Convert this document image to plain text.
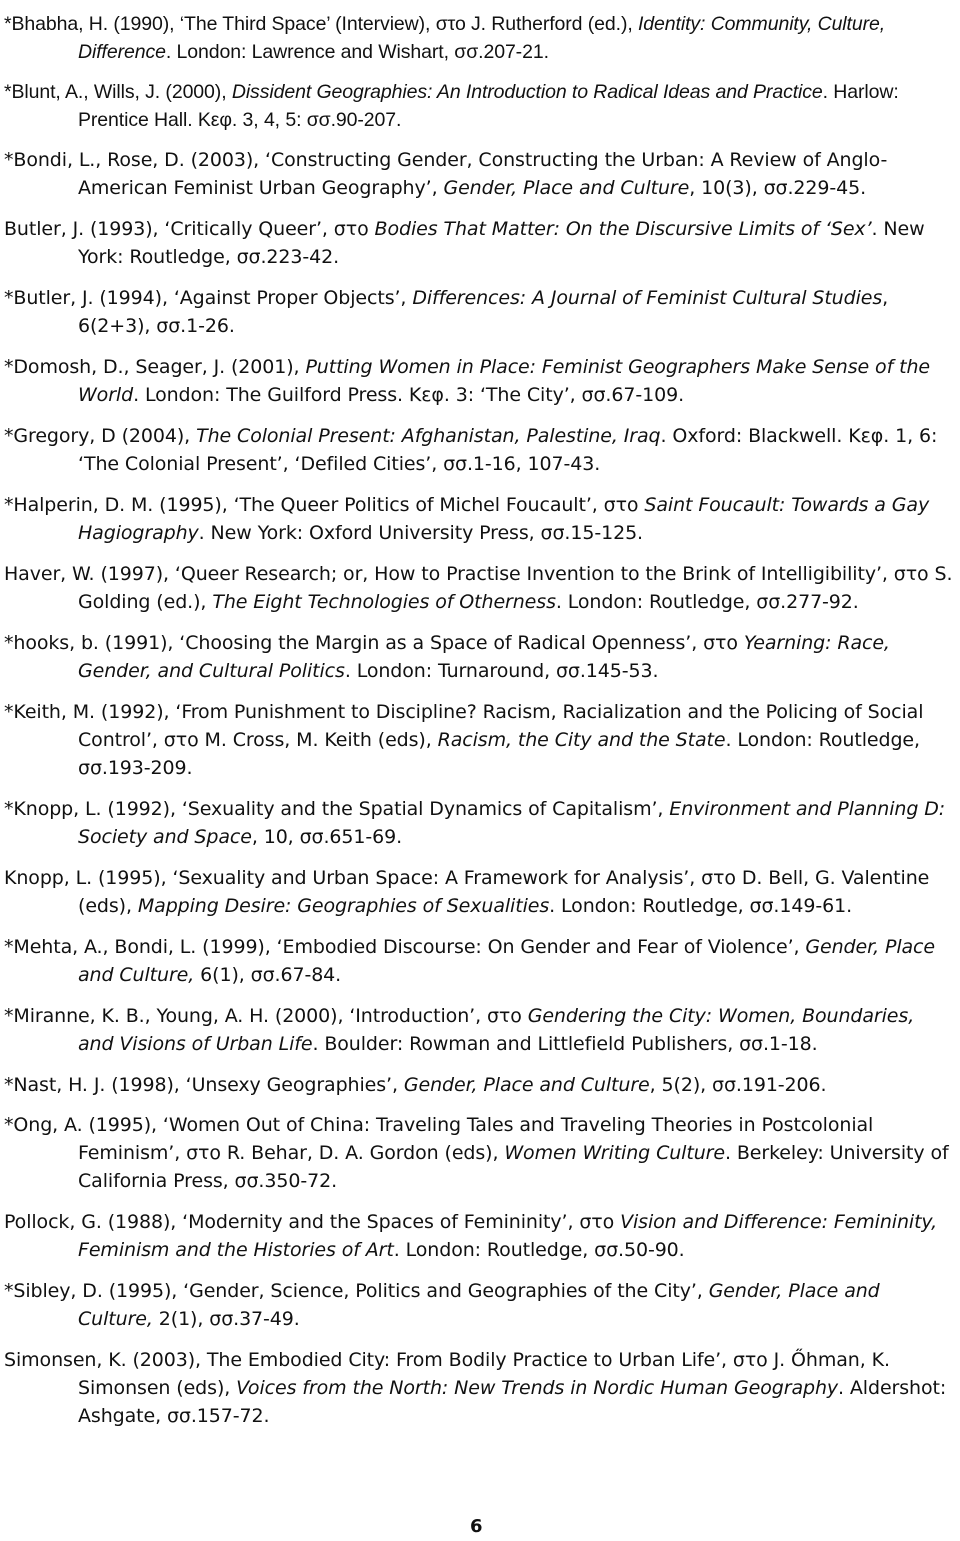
*Bhabha, H. (1990), ‘The Third Space’ (Interview), στο J. Rutherford (ed.), Identity: Community, Culture, Difference. London: Lawrence and Wishart, σσ.207-21.

*Blunt, A., Wills, J. (2000), Dissident Geographies: An Introduction to Radical Ideas and Practice. Harlow: Prentice Hall. Κεφ. 3, 4, 5: σσ.90-207.

*Bondi, L., Rose, D. (2003), ‘Constructing Gender, Constructing the Urban: A Review of Anglo-American Feminist Urban Geography’, Gender, Place and Culture, 10(3), σσ.229-45.

Butler, J. (1993), ‘Critically Queer’, στο Bodies That Matter: On the Discursive Limits of ‘Sex’. New York: Routledge, σσ.223-42.

*Butler, J. (1994), ‘Against Proper Objects’, Differences: A Journal of Feminist Cultural Studies, 6(2+3), σσ.1-26.

*Domosh, D., Seager, J. (2001), Putting Women in Place: Feminist Geographers Make Sense of the World. London: The Guilford Press. Κεφ. 3: ‘The City’, σσ.67-109.

*Gregory, D (2004), The Colonial Present: Afghanistan, Palestine, Iraq. Oxford: Blackwell. Κεφ. 1, 6: ‘The Colonial Present’, ‘Defiled Cities’, σσ.1-16, 107-43.

*Halperin, D. M. (1995), ‘The Queer Politics of Michel Foucault’, στο Saint Foucault: Towards a Gay Hagiography. New York: Oxford University Press, σσ.15-125.

Haver, W. (1997), ‘Queer Research; or, How to Practise Invention to the Brink of Intelligibility’, στο S. Golding (ed.), The Eight Technologies of Otherness. London: Routledge, σσ.277-92.

*hooks, b. (1991), ‘Choosing the Margin as a Space of Radical Openness’, στο Yearning: Race, Gender, and Cultural Politics. London: Turnaround, σσ.145-53.

*Keith, M. (1992), ‘From Punishment to Discipline? Racism, Racialization and the Policing of Social Control’, στο M. Cross, M. Keith (eds), Racism, the City and the State. London: Routledge, σσ.193-209.

*Knopp, L. (1992), ‘Sexuality and the Spatial Dynamics of Capitalism’, Environment and Planning D: Society and Space, 10, σσ.651-69.

Knopp, L. (1995), ‘Sexuality and Urban Space: A Framework for Analysis’, στο D. Bell, G. Valentine (eds), Mapping Desire: Geographies of Sexualities. London: Routledge, σσ.149-61.

*Mehta, A., Bondi, L. (1999), ‘Embodied Discourse: On Gender and Fear of Violence’, Gender, Place and Culture, 6(1), σσ.67-84.

*Miranne, K. B., Young, A. H. (2000), ‘Introduction’, στο Gendering the City: Women, Boundaries, and Visions of Urban Life. Boulder: Rowman and Littlefield Publishers, σσ.1-18.

*Nast, H. J. (1998), ‘Unsexy Geographies’, Gender, Place and Culture, 5(2), σσ.191-206.

*Ong, A. (1995), ‘Women Out of China: Traveling Tales and Traveling Theories in Postcolonial Feminism’, στο R. Behar, D. A. Gordon (eds), Women Writing Culture. Berkeley: University of California Press, σσ.350-72.

Pollock, G. (1988), ‘Modernity and the Spaces of Femininity’, στο Vision and Difference: Femininity, Feminism and the Histories of Art. London: Routledge, σσ.50-90.

*Sibley, D. (1995), ‘Gender, Science, Politics and Geographies of the City’, Gender, Place and Culture, 2(1), σσ.37-49.

Simonsen, K. (2003), The Embodied City: From Bodily Practice to Urban Life’, στο J. Őhman, K. Simonsen (eds), Voices from the North: New Trends in Nordic Human Geography. Aldershot: Ashgate, σσ.157-72.

6
